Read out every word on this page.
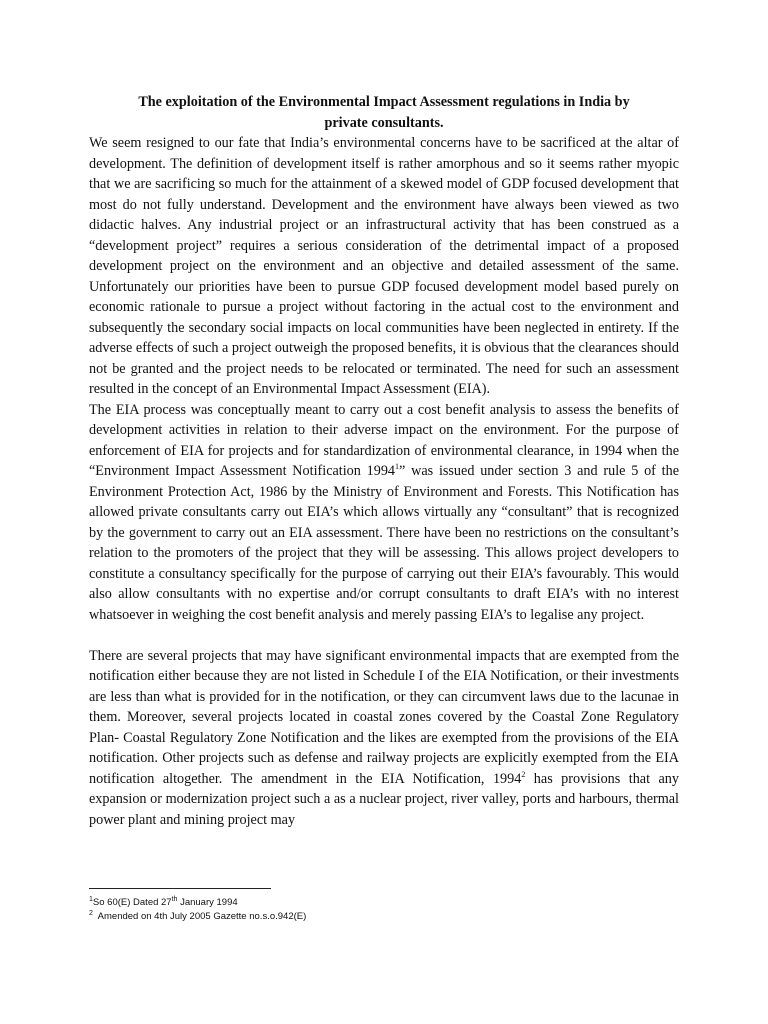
The exploitation of the Environmental Impact Assessment regulations in India by
private consultants.

We seem resigned to our fate that India’s environmental concerns have to be sacrificed at the altar of development. The definition of development itself is rather amorphous and so it seems rather myopic that we are sacrificing so much for the attainment of a skewed model of GDP focused development that most do not fully understand. Development and the environment have always been viewed as two didactic halves. Any industrial project or an infrastructural activity that has been construed as a “development project” requires a serious consideration of the detrimental impact of a proposed development project on the environment and an objective and detailed assessment of the same. Unfortunately our priorities have been to pursue GDP focused development model based purely on economic rationale to pursue a project without factoring in the actual cost to the environment and subsequently the secondary social impacts on local communities have been neglected in entirety. If the adverse effects of such a project outweigh the proposed benefits, it is obvious that the clearances should not be granted and the project needs to be relocated or terminated. The need for such an assessment resulted in the concept of an Environmental Impact Assessment (EIA).

The EIA process was conceptually meant to carry out a cost benefit analysis to assess the benefits of development activities in relation to their adverse impact on the environment. For the purpose of enforcement of EIA for projects and for standardization of environmental clearance, in 1994 when the “Environment Impact Assessment Notification 1994$^1$” was issued under section 3 and rule 5 of the Environment Protection Act, 1986 by the Ministry of Environment and Forests. This Notification has allowed private consultants carry out EIA’s which allows virtually any “consultant” that is recognized by the government to carry out an EIA assessment. There have been no restrictions on the consultant’s relation to the promoters of the project that they will be assessing. This allows project developers to constitute a consultancy specifically for the purpose of carrying out their EIA’s favourably. This would also allow consultants with no expertise and/or corrupt consultants to draft EIA’s with no interest whatsoever in weighing the cost benefit analysis and merely passing EIA’s to legalise any project.

There are several projects that may have significant environmental impacts that are exempted from the notification either because they are not listed in Schedule I of the EIA Notification, or their investments are less than what is provided for in the notification, or they can circumvent laws due to the lacunae in them. Moreover, several projects located in coastal zones covered by the Coastal Zone Regulatory Plan- Coastal Regulatory Zone Notification and the likes are exempted from the provisions of the EIA notification. Other projects such as defense and railway projects are explicitly exempted from the EIA notification altogether. The amendment in the EIA Notification, 1994$^2$ has provisions that any expansion or modernization project such a as a nuclear project, river valley, ports and harbours, thermal power plant and mining project may

$^1$So 60(E) Dated 27th January 1994
$^2$  Amended on 4th July 2005 Gazette no.s.o.942(E)
